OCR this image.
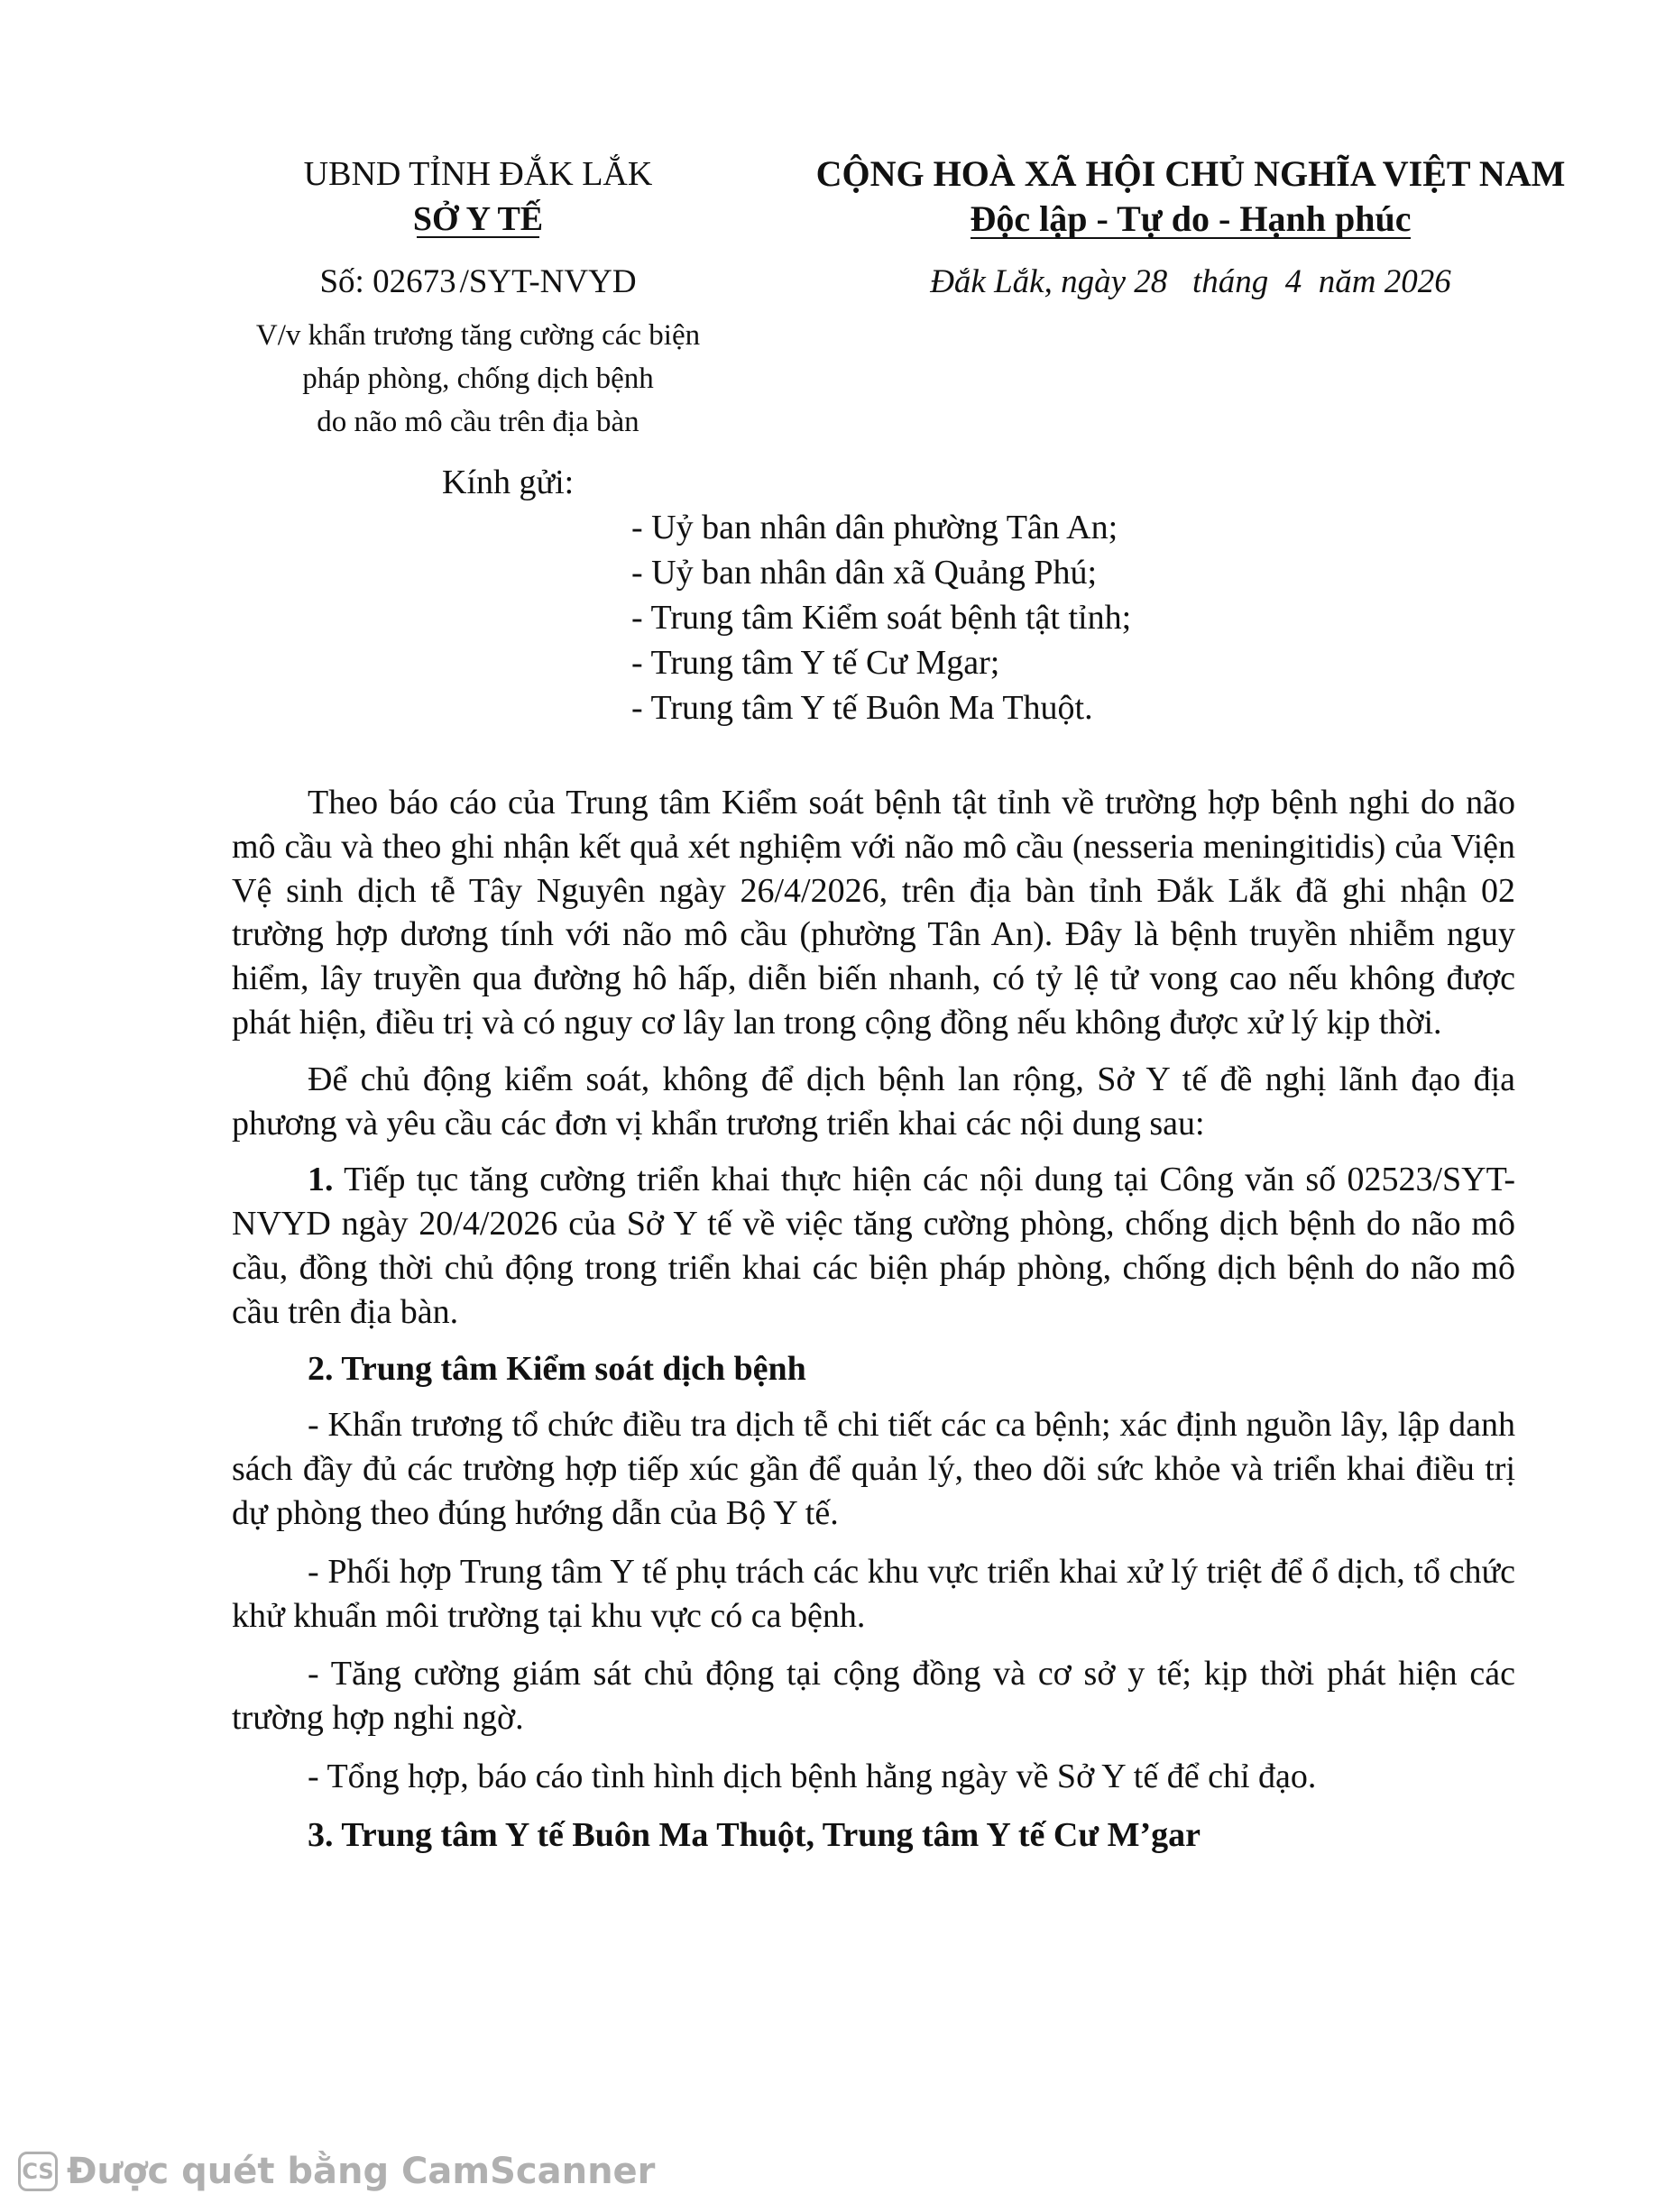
UBND TỈNH ĐẮK LẮK
SỞ Y TẾ
Số: 02673 /SYT-NVYD
V/v khẩn trương tăng cường các biện
pháp phòng, chống dịch bệnh
do não mô cầu trên địa bàn
CỘNG HOÀ XÃ HỘI CHỦ NGHĨA VIỆT NAM
Độc lập - Tự do - Hạnh phúc
Đắk Lắk, ngày 28   tháng  4  năm 2026
Kính gửi:
- Uỷ ban nhân dân phường Tân An;
- Uỷ ban nhân dân xã Quảng Phú;
- Trung tâm Kiểm soát bệnh tật tỉnh;
- Trung tâm Y tế Cư Mgar;
- Trung tâm Y tế Buôn Ma Thuột.

Theo báo cáo của Trung tâm Kiểm soát bệnh tật tỉnh về trường hợp bệnh nghi do não mô cầu và theo ghi nhận kết quả xét nghiệm với não mô cầu (nesseria meningitidis) của Viện Vệ sinh dịch tễ Tây Nguyên ngày 26/4/2026, trên địa bàn tỉnh Đắk Lắk đã ghi nhận 02 trường hợp dương tính với não mô cầu (phường Tân An). Đây là bệnh truyền nhiễm nguy hiểm, lây truyền qua đường hô hấp, diễn biến nhanh, có tỷ lệ tử vong cao nếu không được phát hiện, điều trị và có nguy cơ lây lan trong cộng đồng nếu không được xử lý kịp thời.

Để chủ động kiểm soát, không để dịch bệnh lan rộng, Sở Y tế đề nghị lãnh đạo địa phương và yêu cầu các đơn vị khẩn trương triển khai các nội dung sau:

1. Tiếp tục tăng cường triển khai thực hiện các nội dung tại Công văn số 02523/SYT-NVYD ngày 20/4/2026 của Sở Y tế về việc tăng cường phòng, chống dịch bệnh do não mô cầu, đồng thời chủ động trong triển khai các biện pháp phòng, chống dịch bệnh do não mô cầu trên địa bàn.

2. Trung tâm Kiểm soát dịch bệnh

- Khẩn trương tổ chức điều tra dịch tễ chi tiết các ca bệnh; xác định nguồn lây, lập danh sách đầy đủ các trường hợp tiếp xúc gần để quản lý, theo dõi sức khỏe và triển khai điều trị dự phòng theo đúng hướng dẫn của Bộ Y tế.

- Phối hợp Trung tâm Y tế phụ trách các khu vực triển khai xử lý triệt để ổ dịch, tổ chức khử khuẩn môi trường tại khu vực có ca bệnh.

- Tăng cường giám sát chủ động tại cộng đồng và cơ sở y tế; kịp thời phát hiện các trường hợp nghi ngờ.

- Tổng hợp, báo cáo tình hình dịch bệnh hằng ngày về Sở Y tế để chỉ đạo.

3. Trung tâm Y tế Buôn Ma Thuột, Trung tâm Y tế Cư M’gar

CS Được quét bằng CamScanner
